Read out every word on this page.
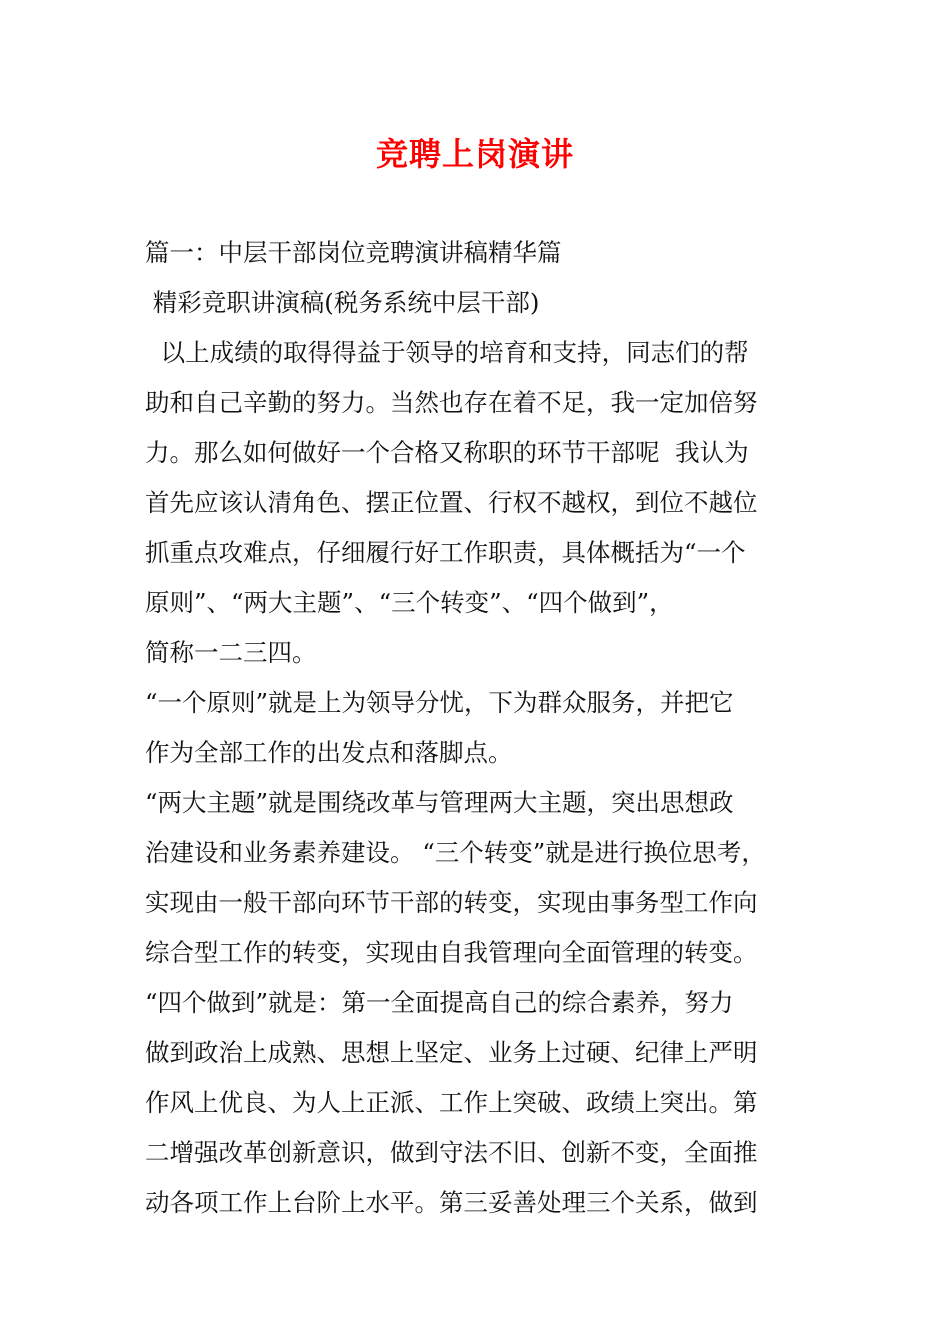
竞聘上岗演讲
篇一：中层干部岗位竞聘演讲稿精华篇
精彩竞职讲演稿(税务系统中层干部)
以上成绩的取得得益于领导的培育和支持，同志们的帮
助和自己辛勤的努力。当然也存在着不足，我一定加倍努
力。那么如何做好一个合格又称职的环节干部呢  我认为
首先应该认清角色、摆正位置、行权不越权，到位不越位
抓重点攻难点，仔细履行好工作职责，具体概括为“一个
原则”、“两大主题”、“三个转变”、“四个做到”，
简称一二三四。
“一个原则”就是上为领导分忧，下为群众服务，并把它
作为全部工作的出发点和落脚点。
“两大主题”就是围绕改革与管理两大主题，突出思想政
治建设和业务素养建设。 “三个转变”就是进行换位思考，
实现由一般干部向环节干部的转变，实现由事务型工作向
综合型工作的转变，实现由自我管理向全面管理的转变。
“四个做到”就是：第一全面提高自己的综合素养，努力
做到政治上成熟、思想上坚定、业务上过硬、纪律上严明
作风上优良、为人上正派、工作上突破、政绩上突出。第
二增强改革创新意识，做到守法不旧、创新不变，全面推
动各项工作上台阶上水平。第三妥善处理三个关系，做到
